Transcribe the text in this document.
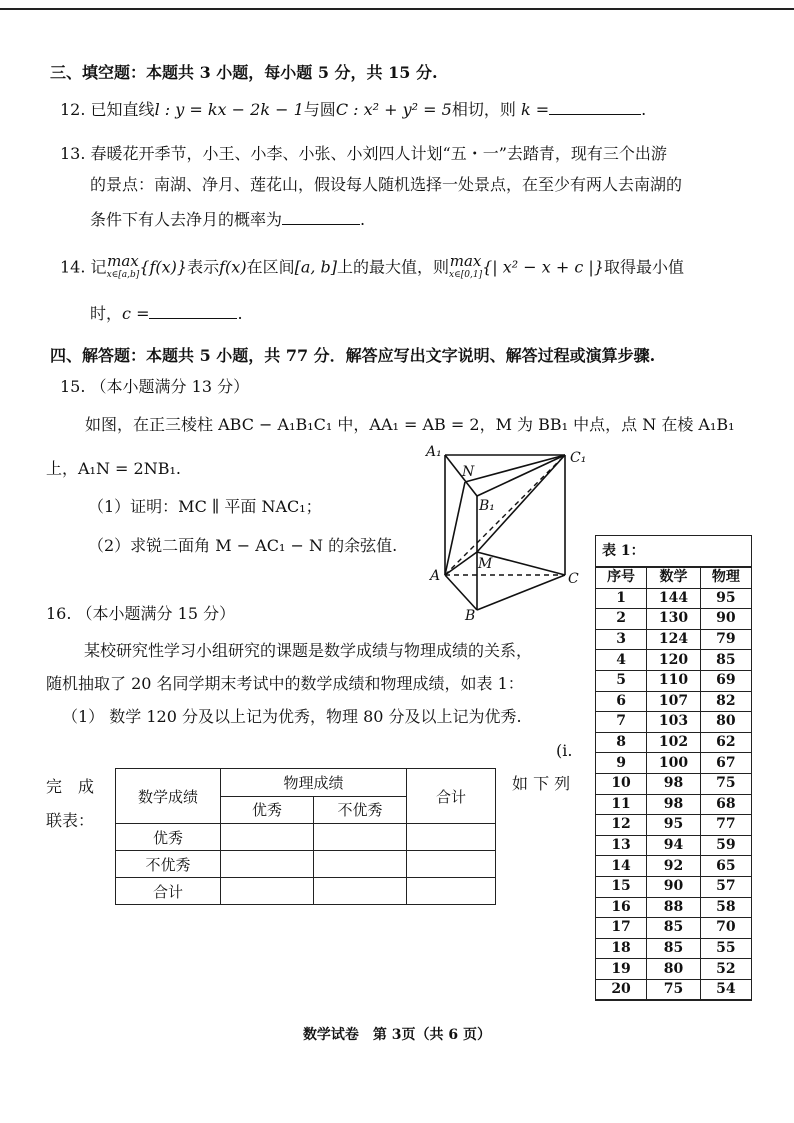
三、填空题：本题共 3 小题，每小题 5 分，共 15 分.
12. 已知直线l : y = kx − 2k − 1与圆C : x² + y² = 5相切，则 k =	.
13. 春暖花开季节，小王、小李、小张、小刘四人计划“五・一”去踏青，现有三个出游
的景点：南湖、净月、莲花山，假设每人随机选择一处景点，在至少有两人去南湖的
条件下有人去净月的概率为	.
14. 记max
x∈[a,b] {f(x)}表示f(x)在区间[a, b]上的最大值，则max
x∈[0,1] {| x² − x + c |}取得最小值
时，c =	.
四、解答题：本题共 5 小题，共 77 分．解答应写出文字说明、解答过程或演算步骤.
15. （本小题满分 13 分）
如图，在正三棱柱 ABC − A₁B₁C₁ 中，AA₁ = AB = 2，M 为 BB₁ 中点，点 N 在棱 A₁B₁
上，A₁N = 2NB₁.
（1）证明：MC ∥ 平面 NAC₁；
（2）求锐二面角 M − AC₁ − N 的余弦值.
A₁
N
C₁
B₁
M
A	C
B
16. （本小题满分 15 分）
某校研究性学习小组研究的课题是数学成绩与物理成绩的关系，
随机抽取了 20 名同学期末考试中的数学成绩和物理成绩，如表 1：
（1） 数学 120 分及以上记为优秀，物理 80 分及以上记为优秀.
(i.
完　成
联表：
如 下 列
数学成绩	物理成绩		合计
	优秀	不优秀	
优秀			
不优秀			
合计			
表 1：
序号	数学	物理
1	144	95
2	130	90
3	124	79
4	120	85
5	110	69
6	107	82
7	103	80
8	102	62
9	100	67
10	98	75
11	98	68
12	95	77
13	94	59
14	92	65
15	90	57
16	88	58
17	85	70
18	85	55
19	80	52
20	75	54
数学试卷　第 3页（共 6 页）
